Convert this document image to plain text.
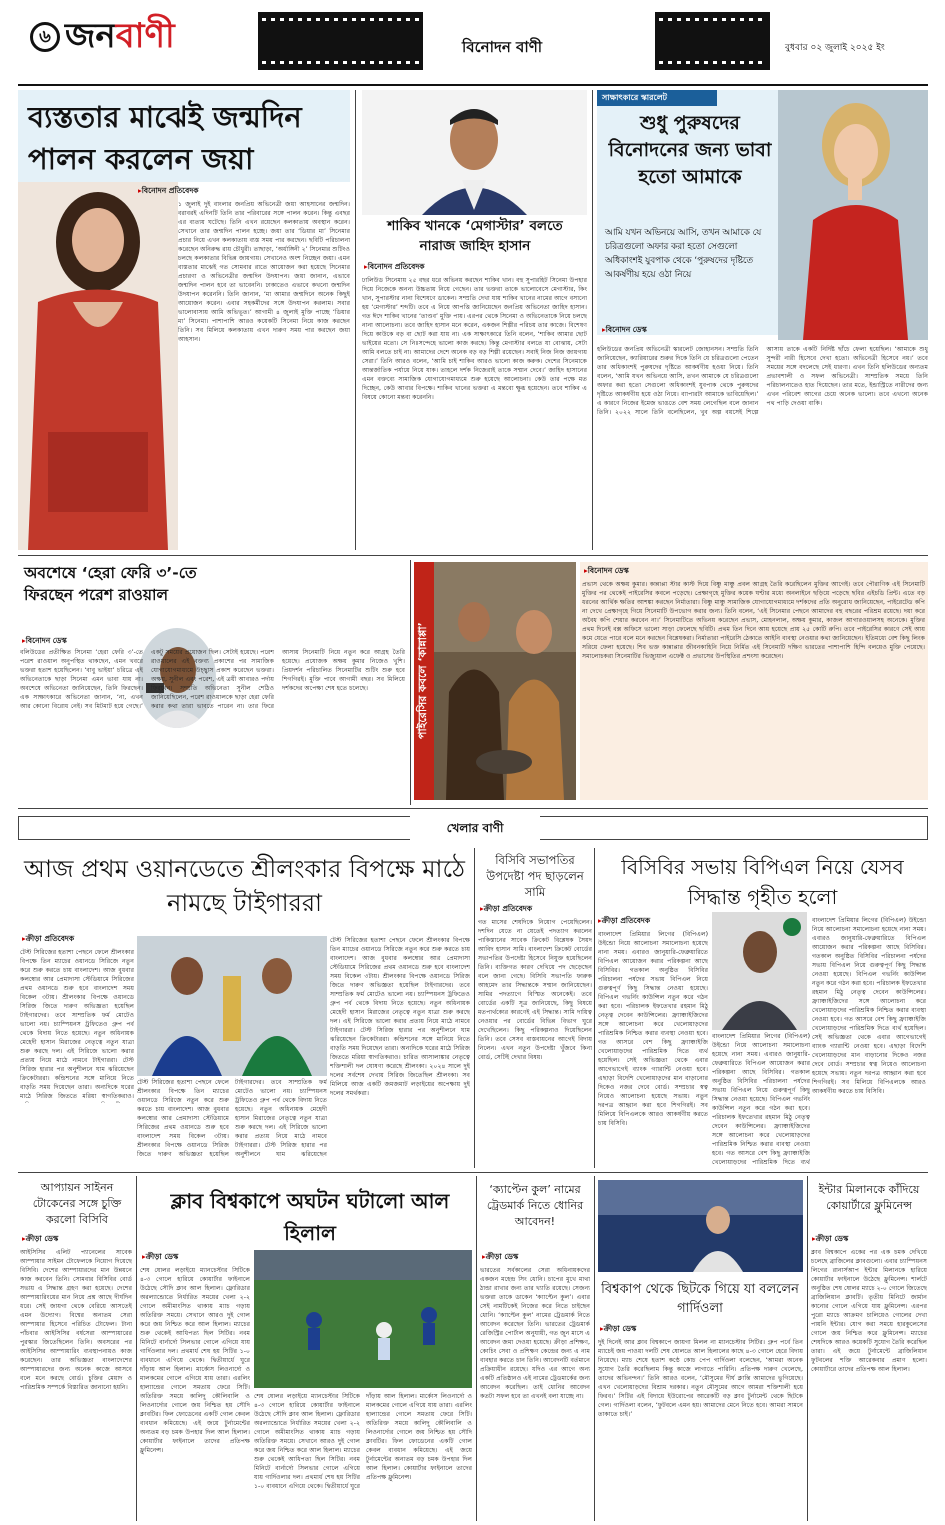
৬ জনবাণী	বিনোদন বাণী	বুধবার ০২ জুলাই ২০২৫ ইং
ব্যস্ততার মাঝেই জন্মদিন পালন করলেন জয়া
▸ বিনোদন প্রতিবেদক
১ জুলাই দুই বাংলার জনপ্রিয় অভিনেত্রী জয়া আহসানের জন্মদিন। বরাবরই এদিনটি তিনি তার পরিবারের সঙ্গে পালন করেন। কিন্তু এবছর এর ব্যত্যয় ঘটেছে। তিনি এখন রয়েছেন কলকাতায় অবস্থান করেন। সেখানে তার জন্মদিন পালন হচ্ছে। জয়া তার ‘ডিয়ার মা’ সিনেমার প্রচার নিয়ে এখন কলকাতায় ব্যস্ত সময় পার করছেন। ছবিটি পরিচালনা করেছেন অনিরুদ্ধ রায় চৌধুরী। তাছাড়া, ‘অর্ধাঙ্গিনী ২’ সিনেমার শুটিংও চলছে কলকাতার বিভিন্ন জায়গায়। সেখানেও অংশ নিচ্ছেন জয়া। এমন ব্যস্ততার মাঝেই গত সোমবার রাতে আয়োজন করা হয়েছে সিনেমার প্রচারণা ও অভিনেত্রীর জন্মদিন উদযাপন। জয়া জানান, এভাবে জন্মদিন পালন হবে তা ভাবেননি। ঢাকাতেও এভাবে কখনো জন্মদিন উদযাপন করেননি। তিনি জানান, ‘মা আমার জন্মদিনে অনেক কিছুই আয়োজন করেন। এবার সহকর্মীদের সঙ্গে উদযাপন করলাম। সবার ভালোবাসায় আমি অভিভূত।’ আগামী ৪ জুলাই মুক্তি পাচ্ছে ‘ডিয়ার মা’ সিনেমা। পাশাপাশি আরও কয়েকটি সিনেমা নিয়ে কাজ করছেন তিনি। সব মিলিয়ে কলকাতায় এখন দারুণ সময় পার করছেন জয়া আহসান।
শাকিব খানকে ‘মেগাস্টার’ বলতে নারাজ জাহিদ হাসান
▸ বিনোদন প্রতিবেদক
ঢালিউড সিনেমায় ২৫ বছর ধরে অভিনয় করছেন শাকিব খান। বহু সুপারহিট সিনেমা উপহার দিয়ে নিজেকে অনন্য উচ্চতায় নিয়ে গেছেন। তার ভক্তরা তাকে ভালোবেসে মেগাস্টার, কিং খান, সুপারস্টার নানা বিশেষণে ডাকেন। সম্প্রতি দেখা যায় শাকিব খানের নামের আগে বসানো হয় ‘মেগাস্টার’ শব্দটি। তবে এ নিয়ে আপত্তি জানিয়েছেন জনপ্রিয় অভিনেতা জাহিদ হাসান। গত ঈদে শাকিব খানের ‘তাণ্ডব’ মুক্তি পায়। এরপর থেকে সিনেমা ও অভিনেতাকে নিয়ে চলছে নানা আলোচনা। তবে জাহিদ হাসান মনে করেন, একজন শিল্পীর পরিচয় তার কাজে। বিশেষণ দিয়ে কাউকে বড় বা ছোট করা যায় না। এক সাক্ষাৎকারে তিনি বলেন, ‘শাকিব আমার ছোট ভাইয়ের মতো। সে নিঃসন্দেহে ভালো কাজ করছে। কিন্তু মেগাস্টার বলতে যা বোঝায়, সেটা আমি বলতে চাই না। আমাদের দেশে অনেক বড় বড় শিল্পী রয়েছেন। সবাই নিজ নিজ জায়গায় সেরা।’ তিনি আরও বলেন, ‘আমি চাই শাকিব আরও ভালো কাজ করুক। দেশের সিনেমাকে আন্তর্জাতিক পর্যায়ে নিয়ে যাক। তাহলে দর্শক নিজেরাই তাকে সম্মান দেবে।’ জাহিদ হাসানের এমন বক্তব্যে সামাজিক যোগাযোগমাধ্যমে শুরু হয়েছে আলোচনা। কেউ তার পক্ষে মত দিচ্ছেন, কেউ আবার বিপক্ষে। শাকিব খানের ভক্তরা এ মন্তব্যে ক্ষুব্ধ হয়েছেন। তবে শাকিব এ বিষয়ে কোনো মন্তব্য করেননি।
সাক্ষাৎকারে স্কারলেট
শুধু পুরুষদের বিনোদনের জন্য ভাবা হতো আমাকে
আমি যখন অভিনয়ে আসি, তখন আমাকে যে চরিত্রগুলো অফার করা হতো সেগুলো অধিকাংশই যুবপাক থেকে ‘পুরুষদের দৃষ্টিতে আকর্ষণীয় হয়ে ওঠা নিয়ে
▸ বিনোদন ডেস্ক
হলিউডের জনপ্রিয় অভিনেত্রী স্কারলেট জোহানসন। সম্প্রতি তিনি জানিয়েছেন, ক্যারিয়ারের শুরুর দিকে তিনি যে চরিত্রগুলো পেতেন তার অধিকাংশই পুরুষদের দৃষ্টিতে আকর্ষণীয় হওয়া নিয়ে। তিনি বলেন, ‘আমি যখন অভিনয়ে আসি, তখন আমাকে যে চরিত্রগুলো অফার করা হতো সেগুলো অধিকাংশই যুবপাক থেকে পুরুষদের দৃষ্টিতে আকর্ষণীয় হয়ে ওঠা নিয়ে। ব্যাপারটা আমাকে ভাবিয়েছিল।’ এ কারণে নিজের ইমেজ ভাঙতে বেশ সময় লেগেছিল বলে জানান তিনি। ২০২২ সালে তিনি বলেছিলেন, খুব অল্প বয়সেই শিল্পে আসায় তাকে একটি নির্দিষ্ট ছাঁচে ফেলা হয়েছিল। ‘আমাকে শুধু সুন্দরী নারী হিসেবে দেখা হতো। অভিনেত্রী হিসেবে নয়।’ তবে সময়ের সঙ্গে বদলেছে সেই ধারণা। এখন তিনি হলিউডের অন্যতম প্রভাবশালী ও সফল অভিনেত্রী। সাম্প্রতিক সময়ে তিনি পরিচালনাতেও হাত দিয়েছেন। তার মতে, ইন্ডাস্ট্রিতে নারীদের জন্য এখন পরিবেশ আগের চেয়ে অনেক ভালো। তবে এখনো অনেক পথ পাড়ি দেওয়া বাকি।
অবশেষে ‘হেরা ফেরি ৩’-তে ফিরছেন পরেশ রাওয়াল
▸ বিনোদন ডেস্ক
বলিউডের প্রতীক্ষিত সিনেমা ‘হেরা ফেরি ৩’-তে পরেশ রাওয়াল অনুপস্থিত থাকছেন, এমন খবরে ভক্তরা হতাশ হয়েছিলেন। ‘বাবু ভাইয়া’ চরিত্রে এই অভিনেতাকে ছাড়া সিনেমা এমন ভাবা যায় না। অবশেষে অভিনেতা জানিয়েছেন, তিনি ফিরছেন। এক সাক্ষাৎকারে অভিনেতা জানান, ‘না, এখন আর কোনো বিরোধ নেই। সব মিটমাট হয়ে গেছে।’ একটু সময়ের প্রয়োজন ছিল। সেটাই হয়েছে। পরেশ রাওয়ালের এই বক্তব্য প্রকাশের পর সামাজিক যোগাযোগমাধ্যমে উচ্ছ্বাস প্রকাশ করেছেন ভক্তরা। অক্ষয়, সুনীল এবং পরেশ, এই ত্রয়ী আবারও পর্দায় ফিরবেন। সম্প্রতি অভিনেতা সুনীল শেঠিও জানিয়েছিলেন, পরেশ রাওয়ালকে ছাড়া হেরা ফেরি করার কথা তারা ভাবতে পারেন না। তার ফিরে আসায় সিনেমাটি নিয়ে নতুন করে আগ্রহ তৈরি হয়েছে। প্রযোজক অক্ষয় কুমার নিজেও খুশি। প্রিয়দর্শন পরিচালিত সিনেমাটির শুটিং শুরু হবে শিগগিরই। মুক্তি পাবে আগামী বছর। সব মিলিয়ে দর্শকদের অপেক্ষা শেষ হতে চলেছে।	পাইরেসির কবলে ‘কান্নাপ্পা’
▸ বিনোদন ডেস্ক
প্রভাস থেকে অক্ষয় কুমার। কান্নাপ্পা স্টার কাস্ট দিয়ে বিষ্ণু মাঞ্চু প্রবল আগ্রহ তৈরি করেছিলেন মুক্তির আগেই। তবে পৌরাণিক এই সিনেমাটি মুক্তির পর থেকেই পাইরেসির কবলে পড়েছে। প্রেক্ষাগৃহে মুক্তির কয়েক ঘণ্টার মধ্যে অনলাইনে ছড়িয়ে পড়েছে ছবির এইচডি প্রিন্ট। এতে বড় ধরনের আর্থিক ক্ষতির আশঙ্কা করছেন নির্মাতারা। বিষ্ণু মাঞ্চু সামাজিক যোগাযোগমাধ্যমে দর্শকদের প্রতি অনুরোধ জানিয়েছেন, পাইরেটেড কপি না দেখে প্রেক্ষাগৃহে গিয়ে সিনেমাটি উপভোগ করার জন্য। তিনি বলেন, ‘এই সিনেমার পেছনে আমাদের বহু বছরের পরিশ্রম রয়েছে। দয়া করে অবৈধ কপি শেয়ার করবেন না।’ সিনেমাটিতে অভিনয় করেছেন প্রভাস, মোহনলাল, অক্ষয় কুমার, কাজল আগারওয়ালসহ অনেকে। মুক্তির প্রথম দিনেই বক্স অফিসে ভালো সাড়া ফেলেছে ছবিটি। প্রথম তিন দিনে আয় হয়েছে প্রায় ২৫ কোটি রুপি। তবে পাইরেসির কারণে সেই আয় কমে যেতে পারে বলে মনে করছেন বিশ্লেষকরা। নির্মাতারা পাইরেসি ঠেকাতে আইনি ব্যবস্থা নেওয়ার কথা জানিয়েছেন। ইতিমধ্যে বেশ কিছু লিংক সরিয়ে ফেলা হয়েছে। শিব ভক্ত কান্নাপ্পার জীবনকাহিনি নিয়ে নির্মিত এই সিনেমাটি দক্ষিণ ভারতের পাশাপাশি হিন্দি বলয়েও মুক্তি পেয়েছে। সমালোচকরা সিনেমাটির ভিজ্যুয়াল এফেক্ট ও প্রভাসের উপস্থিতির প্রশংসা করেছেন।
খেলার বাণী
আজ প্রথম ওয়ানডেতে শ্রীলংকার বিপক্ষে মাঠে নামছে টাইগাররা
▸ ক্রীড়া প্রতিবেদক
টেস্ট সিরিজের হতাশা পেছনে ফেলে শ্রীলংকার বিপক্ষে তিন ম্যাচের ওয়ানডে সিরিজে নতুন করে শুরু করতে চায় বাংলাদেশ। আজ বুধবার কলম্বোর আর প্রেমাদাসা স্টেডিয়ামে সিরিজের প্রথম ওয়ানডে শুরু হবে বাংলাদেশ সময় বিকেল ৩টায়। শ্রীলংকার বিপক্ষে ওয়ানডে সিরিজ জিতে দারুণ অভিজ্ঞতা হয়েছিল টাইগারদের। তবে সাম্প্রতিক ফর্ম মোটেও ভালো নয়। চ্যাম্পিয়নস ট্রফিতেও গ্রুপ পর্ব থেকে বিদায় নিতে হয়েছে। নতুন অধিনায়ক মেহেদী হাসান মিরাজের নেতৃত্বে নতুন যাত্রা শুরু করছে দল। এই সিরিজে ভালো করার প্রত্যয় নিয়ে মাঠে নামবে টাইগাররা। টেস্ট সিরিজ হারার পর অনুশীলনে ঘাম ঝরিয়েছেন ক্রিকেটাররা। কন্ডিশনের সঙ্গে মানিয়ে নিতে বাড়তি সময় দিয়েছেন তারা। অন্যদিকে ঘরের মাঠে সিরিজ জিততে মরিয়া স্বাগতিকরাও।
টেস্ট সিরিজের হতাশা পেছনে ফেলে শ্রীলংকার বিপক্ষে তিন ম্যাচের ওয়ানডে সিরিজে নতুন করে শুরু করতে চায় বাংলাদেশ। আজ বুধবার কলম্বোর আর প্রেমাদাসা স্টেডিয়ামে সিরিজের প্রথম ওয়ানডে শুরু হবে বাংলাদেশ সময় বিকেল ৩টায়। শ্রীলংকার বিপক্ষে ওয়ানডে সিরিজ জিতে দারুণ অভিজ্ঞতা হয়েছিল টাইগারদের। তবে সাম্প্রতিক ফর্ম মোটেও ভালো নয়। চ্যাম্পিয়নস ট্রফিতেও গ্রুপ পর্ব থেকে বিদায় নিতে হয়েছে। নতুন অধিনায়ক মেহেদী হাসান মিরাজের নেতৃত্বে নতুন যাত্রা শুরু করছে দল। এই সিরিজে ভালো করার প্রত্যয় নিয়ে মাঠে নামবে টাইগাররা। টেস্ট সিরিজ হারার পর অনুশীলনে ঘাম ঝরিয়েছেন ক্রিকেটাররা। কন্ডিশনের সঙ্গে মানিয়ে নিতে বাড়তি সময় দিয়েছেন তারা। অন্যদিকে ঘরের মাঠে সিরিজ জিততে মরিয়া স্বাগতিকরাও। চারিত আসালাঙ্কার নেতৃত্বে শক্তিশালী দল ঘোষণা করেছে শ্রীলংকা। ২০২৪ সালে দুই দলের সর্বশেষ দেখায় সিরিজ জিতেছিল শ্রীলংকা। সব মিলিয়ে আজ একটি জমজমাট লড়াইয়ের অপেক্ষায় দুই দলের সমর্থকরা।
টেস্ট সিরিজের হতাশা পেছনে ফেলে শ্রীলংকার বিপক্ষে তিন ম্যাচের ওয়ানডে সিরিজে নতুন করে শুরু করতে চায় বাংলাদেশ। আজ বুধবার কলম্বোর আর প্রেমাদাসা স্টেডিয়ামে সিরিজের প্রথম ওয়ানডে শুরু হবে বাংলাদেশ সময় বিকেল ৩টায়। শ্রীলংকার বিপক্ষে ওয়ানডে সিরিজ জিতে দারুণ অভিজ্ঞতা হয়েছিল টাইগারদের। তবে সাম্প্রতিক ফর্ম মোটেও ভালো নয়। চ্যাম্পিয়নস ট্রফিতেও গ্রুপ পর্ব থেকে বিদায় নিতে হয়েছে। নতুন অধিনায়ক মেহেদী হাসান মিরাজের নেতৃত্বে নতুন যাত্রা শুরু করছে দল। এই সিরিজে ভালো করার প্রত্যয় নিয়ে মাঠে নামবে টাইগাররা। টেস্ট সিরিজ হারার পর অনুশীলনে ঘাম ঝরিয়েছেন
বিসিবি সভাপতির উপদেষ্টা পদ ছাড়লেন সামি
▸ ক্রীড়া প্রতিবেদক
গত মাসের শেষদিকে নিয়োগ পেয়েছিলেন। দশদিন যেতে না যেতেই পদত্যাগ করলেন পাকিস্তানের সাবেক ক্রিকেট বিশ্লেষক সৈয়দ আবিদ হাসান সামি। বাংলাদেশ ক্রিকেট বোর্ডের সভাপতির উপদেষ্টা হিসেবে নিযুক্ত হয়েছিলেন তিনি। ব্যক্তিগত কারণ দেখিয়ে পদ ছেড়েছেন বলে জানা গেছে। বিসিবি সভাপতি ফারুক আহমেদ তার সিদ্ধান্তকে সম্মান জানিয়েছেন। সামির পদত্যাগে বিস্মিত অনেকেই। তবে বোর্ডের একটি সূত্র জানিয়েছে, কিছু বিষয়ে মতপার্থক্যের কারণেই এই সিদ্ধান্ত। সামি দায়িত্ব নেওয়ার পর বোর্ডের বিভিন্ন বিভাগ ঘুরে দেখেছিলেন। কিছু পরিকল্পনাও দিয়েছিলেন তিনি। তবে সেসব বাস্তবায়নের আগেই বিদায় নিলেন। এখন নতুন উপদেষ্টা খুঁজবে কিনা বোর্ড, সেটিই দেখার বিষয়।
বিসিবির সভায় বিপিএল নিয়ে যেসব সিদ্ধান্ত গৃহীত হলো
▸ ক্রীড়া প্রতিবেদক
বাংলাদেশ প্রিমিয়ার লিগের (বিপিএল) উইন্ডো নিয়ে আলোচনা সমালোচনা হয়েছে নানা সময়। এবারও জানুয়ারি-ফেব্রুয়ারিতে বিপিএল আয়োজন করার পরিকল্পনা আছে বিসিবির। গতকাল অনুষ্ঠিত বিসিবির পরিচালনা পর্ষদের সভায় বিপিএল নিয়ে গুরুত্বপূর্ণ কিছু সিদ্ধান্ত নেওয়া হয়েছে। বিপিএল গভর্নিং কাউন্সিল নতুন করে গঠন করা হবে। পরিচালক ইফতেখার রহমান মিঠু নেতৃত্ব দেবেন কাউন্সিলের। ফ্র্যাঞ্চাইজিদের সঙ্গে আলোচনা করে খেলোয়াড়দের পারিশ্রমিক নিশ্চিত করার ব্যবস্থা নেওয়া হবে। গত আসরে বেশ কিছু ফ্র্যাঞ্চাইজি খেলোয়াড়দের পারিশ্রমিক দিতে ব্যর্থ হয়েছিল। সেই অভিজ্ঞতা থেকে এবার আগেভাগেই ব্যাংক গ্যারান্টি নেওয়া হবে। এছাড়া বিদেশি খেলোয়াড়দের মান বাড়ানোর দিকেও নজর দেবে বোর্ড। সম্প্রচার স্বত্ব নিয়েও আলোচনা হয়েছে সভায়। নতুন দরপত্র আহ্বান করা হবে শিগগিরই। সব মিলিয়ে বিপিএলকে আরও আকর্ষণীয় করতে চায় বিসিবি।
বাংলাদেশ প্রিমিয়ার লিগের (বিপিএল) উইন্ডো নিয়ে আলোচনা সমালোচনা হয়েছে নানা সময়। এবারও জানুয়ারি-ফেব্রুয়ারিতে বিপিএল আয়োজন করার পরিকল্পনা আছে বিসিবির। গতকাল অনুষ্ঠিত বিসিবির পরিচালনা পর্ষদের সভায় বিপিএল নিয়ে গুরুত্বপূর্ণ কিছু সিদ্ধান্ত নেওয়া হয়েছে। বিপিএল গভর্নিং কাউন্সিল নতুন করে গঠন করা হবে। পরিচালক ইফতেখার রহমান মিঠু নেতৃত্ব দেবেন কাউন্সিলের। ফ্র্যাঞ্চাইজিদের সঙ্গে আলোচনা করে খেলোয়াড়দের পারিশ্রমিক নিশ্চিত করার ব্যবস্থা নেওয়া হবে। গত আসরে বেশ কিছু ফ্র্যাঞ্চাইজি খেলোয়াড়দের পারিশ্রমিক দিতে ব্যর্থ
বাংলাদেশ প্রিমিয়ার লিগের (বিপিএল) উইন্ডো নিয়ে আলোচনা সমালোচনা হয়েছে নানা সময়। এবারও জানুয়ারি-ফেব্রুয়ারিতে বিপিএল আয়োজন করার পরিকল্পনা আছে বিসিবির। গতকাল অনুষ্ঠিত বিসিবির পরিচালনা পর্ষদের সভায় বিপিএল নিয়ে গুরুত্বপূর্ণ কিছু সিদ্ধান্ত নেওয়া হয়েছে। বিপিএল গভর্নিং কাউন্সিল নতুন করে গঠন করা হবে। পরিচালক ইফতেখার রহমান মিঠু নেতৃত্ব দেবেন কাউন্সিলের। ফ্র্যাঞ্চাইজিদের সঙ্গে আলোচনা করে খেলোয়াড়দের পারিশ্রমিক নিশ্চিত করার ব্যবস্থা নেওয়া হবে। গত আসরে বেশ কিছু ফ্র্যাঞ্চাইজি খেলোয়াড়দের পারিশ্রমিক দিতে ব্যর্থ হয়েছিল। সেই অভিজ্ঞতা থেকে এবার আগেভাগেই ব্যাংক গ্যারান্টি নেওয়া হবে। এছাড়া বিদেশি খেলোয়াড়দের মান বাড়ানোর দিকেও নজর দেবে বোর্ড। সম্প্রচার স্বত্ব নিয়েও আলোচনা হয়েছে সভায়। নতুন দরপত্র আহ্বান করা হবে শিগগিরই। সব মিলিয়ে বিপিএলকে আরও আকর্ষণীয় করতে চায় বিসিবি।
আপ্যায়ন সাইনন টোকেনের সঙ্গে চুক্তি করলো বিসিবি
▸ ক্রীড়া ডেস্ক
আইসিসির এলিট প্যানেলের সাবেক আম্পায়ার সাইমন টোফেলকে নিয়োগ দিয়েছে বিসিবি। দেশের আম্পায়ারদের মান উন্নয়নে কাজ করবেন তিনি। সোমবার বিসিবির বোর্ড সভায় এ সিদ্ধান্ত গ্রহণ করা হয়েছে। দেশের আম্পায়ারিংয়ের মান নিয়ে প্রশ্ন আছে দীর্ঘদিন ধরে। সেই জায়গা থেকে বেরিয়ে আসতেই এমন উদ্যোগ। বিশ্বের অন্যতম সেরা আম্পায়ার হিসেবে পরিচিত টোফেল। টানা পাঁচবার আইসিসির বর্ষসেরা আম্পায়ারের পুরস্কার জিতেছিলেন তিনি। অবসরের পর আইসিসির আম্পায়ারিং ব্যবস্থাপনায়ও কাজ করেছেন। তার অভিজ্ঞতা বাংলাদেশের আম্পায়ারদের জন্য অনেক কাজে আসবে বলে মনে করছে বোর্ড। চুক্তির মেয়াদ ও পারিশ্রমিক সম্পর্কে বিস্তারিত জানানো হয়নি।
ক্লাব বিশ্বকাপে অঘটন ঘটালো আল হিলাল
▸ ক্রীড়া ডেস্ক
শেষ ষোলর লড়াইয়ে ম্যানচেস্টার সিটিকে ৪-৩ গোলে হারিয়ে কোয়ার্টার ফাইনালে উঠেছে সৌদি ক্লাব আল হিলাল। ফ্লোরিডার অরল্যান্ডোতে নির্ধারিত সময়ের খেলা ২-২ গোলে অমীমাংসিত থাকায় ম্যাচ গড়ায় অতিরিক্ত সময়ে। সেখানে আরও দুই গোল করে জয় নিশ্চিত করে আল হিলাল। ম্যাচের শুরু থেকেই আধিপত্য ছিল সিটির। নবম মিনিটে বার্নার্দো সিলভার গোলে এগিয়ে যায় গার্দিওলার দল। প্রথমার্ধ শেষ হয় সিটির ১-০ ব্যবধানে এগিয়ে থেকে। দ্বিতীয়ার্ধে ঘুরে দাঁড়ায় আল হিলাল। মার্কোস লিওনার্দো ও মালকমের গোলে এগিয়ে যায় তারা। এরলিং হাল্যান্ডের গোলে সমতায় ফেরে সিটি। অতিরিক্ত সময়ে কালিদু কৌলিবালি ও লিওনার্দোর গোলে জয় নিশ্চিত হয় সৌদি ক্লাবটির। ফিল ফোডেনের একটি গোল কেবল ব্যবধান কমিয়েছে। এই জয়ে টুর্নামেন্টের অন্যতম বড় চমক উপহার দিল আল হিলাল। কোয়ার্টার ফাইনালে তাদের প্রতিপক্ষ ফ্লুমিনেন্স।
শেষ ষোলর লড়াইয়ে ম্যানচেস্টার সিটিকে ৪-৩ গোলে হারিয়ে কোয়ার্টার ফাইনালে উঠেছে সৌদি ক্লাব আল হিলাল। ফ্লোরিডার অরল্যান্ডোতে নির্ধারিত সময়ের খেলা ২-২ গোলে অমীমাংসিত থাকায় ম্যাচ গড়ায় অতিরিক্ত সময়ে। সেখানে আরও দুই গোল করে জয় নিশ্চিত করে আল হিলাল। ম্যাচের শুরু থেকেই আধিপত্য ছিল সিটির। নবম মিনিটে বার্নার্দো সিলভার গোলে এগিয়ে যায় গার্দিওলার দল। প্রথমার্ধ শেষ হয় সিটির ১-০ ব্যবধানে এগিয়ে থেকে। দ্বিতীয়ার্ধে ঘুরে দাঁড়ায় আল হিলাল। মার্কোস লিওনার্দো ও মালকমের গোলে এগিয়ে যায় তারা। এরলিং হাল্যান্ডের গোলে সমতায় ফেরে সিটি। অতিরিক্ত সময়ে কালিদু কৌলিবালি ও লিওনার্দোর গোলে জয় নিশ্চিত হয় সৌদি ক্লাবটির। ফিল ফোডেনের একটি গোল কেবল ব্যবধান কমিয়েছে। এই জয়ে টুর্নামেন্টের অন্যতম বড় চমক উপহার দিল আল হিলাল। কোয়ার্টার ফাইনালে তাদের প্রতিপক্ষ ফ্লুমিনেন্স।
‘ক্যাপ্টেন কুল’ নামের ট্রেডমার্ক নিতে ধোনির আবেদন!
▸ ক্রীড়া ডেস্ক
ভারতের সর্বকালের সেরা অধিনায়কদের একজন মহেন্দ্র সিং ধোনি। চাপের মুখে মাথা ঠান্ডা রাখার জন্য তার খ্যাতি রয়েছে। সেজন্য ভক্তরা তাকে ডাকেন ‘ক্যাপ্টেন কুল’। এবার সেই নামটিকেই নিজের করে নিতে চাইছেন ধোনি। ‘ক্যাপ্টেন কুল’ নামের ট্রেডমার্ক নিতে আবেদন করেছেন তিনি। ভারতের ট্রেডমার্ক রেজিস্ট্রির পোর্টাল অনুযায়ী, গত জুন মাসে এ আবেদন জমা দেওয়া হয়েছে। ক্রীড়া প্রশিক্ষণ, কোচিং সেবা ও প্রশিক্ষণ কেন্দ্রের জন্য এ নাম ব্যবহার করতে চান তিনি। আবেদনটি বর্তমানে প্রক্রিয়াধীন রয়েছে। যদিও এর আগে অন্য একটি প্রতিষ্ঠানও এই নামের ট্রেডমার্কের জন্য আবেদন করেছিল। তাই ধোনির আবেদন কতটা সফল হবে তা এখনই বলা যাচ্ছে না।
বিশ্বকাপ থেকে ছিটকে গিয়ে যা বললেন গার্দিওলা
▸ ক্রীড়া ডেস্ক
দুই দিনেই আর ক্লাব বিশ্বকাপে জায়গা মিলল না ম্যানচেস্টার সিটির। গ্রুপ পর্বে তিন ম্যাচেই জয় পাওয়া দলটি শেষ ষোলতে আল হিলালের কাছে ৪-৩ গোলে হেরে বিদায় নিয়েছে। ম্যাচ শেষে হতাশ কণ্ঠে কোচ পেপ গার্দিওলা বলেছেন, ‘আমরা অনেক সুযোগ তৈরি করেছিলাম কিন্তু কাজে লাগাতে পারিনি। প্রতিপক্ষ দারুণ খেলেছে, তাদের অভিনন্দন।’ তিনি আরও বলেন, ‘মৌসুমের দীর্ঘ ক্লান্তি আমাদের ভুগিয়েছে। এখন খেলোয়াড়দের বিশ্রাম দরকার। নতুন মৌসুমের আগে আমরা শক্তিশালী হয়ে ফিরব।’ সিটির এই বিদায়ে ইউরোপের আরেকটি বড় ক্লাব টুর্নামেন্ট থেকে ছিটকে গেল। গার্দিওলা বলেন, ‘ফুটবলে এমন হয়। আমাদের মেনে নিতে হবে। আমরা সামনে তাকাতে চাই।’
ইন্টার মিলানকে কাঁদিয়ে কোয়ার্টারে ফ্লুমিনেন্স
▸ ক্রীড়া ডেস্ক
ক্লাব বিশ্বকাপে একের পর এক চমক দেখিয়ে চলেছে ব্রাজিলের ক্লাবগুলো। এবার চ্যাম্পিয়নস লিগের রানার্সআপ ইন্টার মিলানকে হারিয়ে কোয়ার্টার ফাইনালে উঠেছে ফ্লুমিনেন্স। শার্লটে অনুষ্ঠিত শেষ ষোলর ম্যাচে ২-০ গোলে জিতেছে ব্রাজিলিয়ান ক্লাবটি। তৃতীয় মিনিটে জার্মান কানোর গোলে এগিয়ে যায় ফ্লুমিনেন্স। এরপর পুরো ম্যাচে আক্রমণ চালিয়েও গোলের দেখা পায়নি ইন্টার। যোগ করা সময়ে হারকুলেসের গোলে জয় নিশ্চিত করে ফ্লুমিনেন্স। ম্যাচের শেষদিকে আরও কয়েকটি সুযোগ তৈরি করেছিল তারা। এই জয়ে টুর্নামেন্টে ব্রাজিলিয়ান ফুটবলের শক্তি আরেকবার প্রমাণ হলো। কোয়ার্টারে তাদের প্রতিপক্ষ আল হিলাল।
